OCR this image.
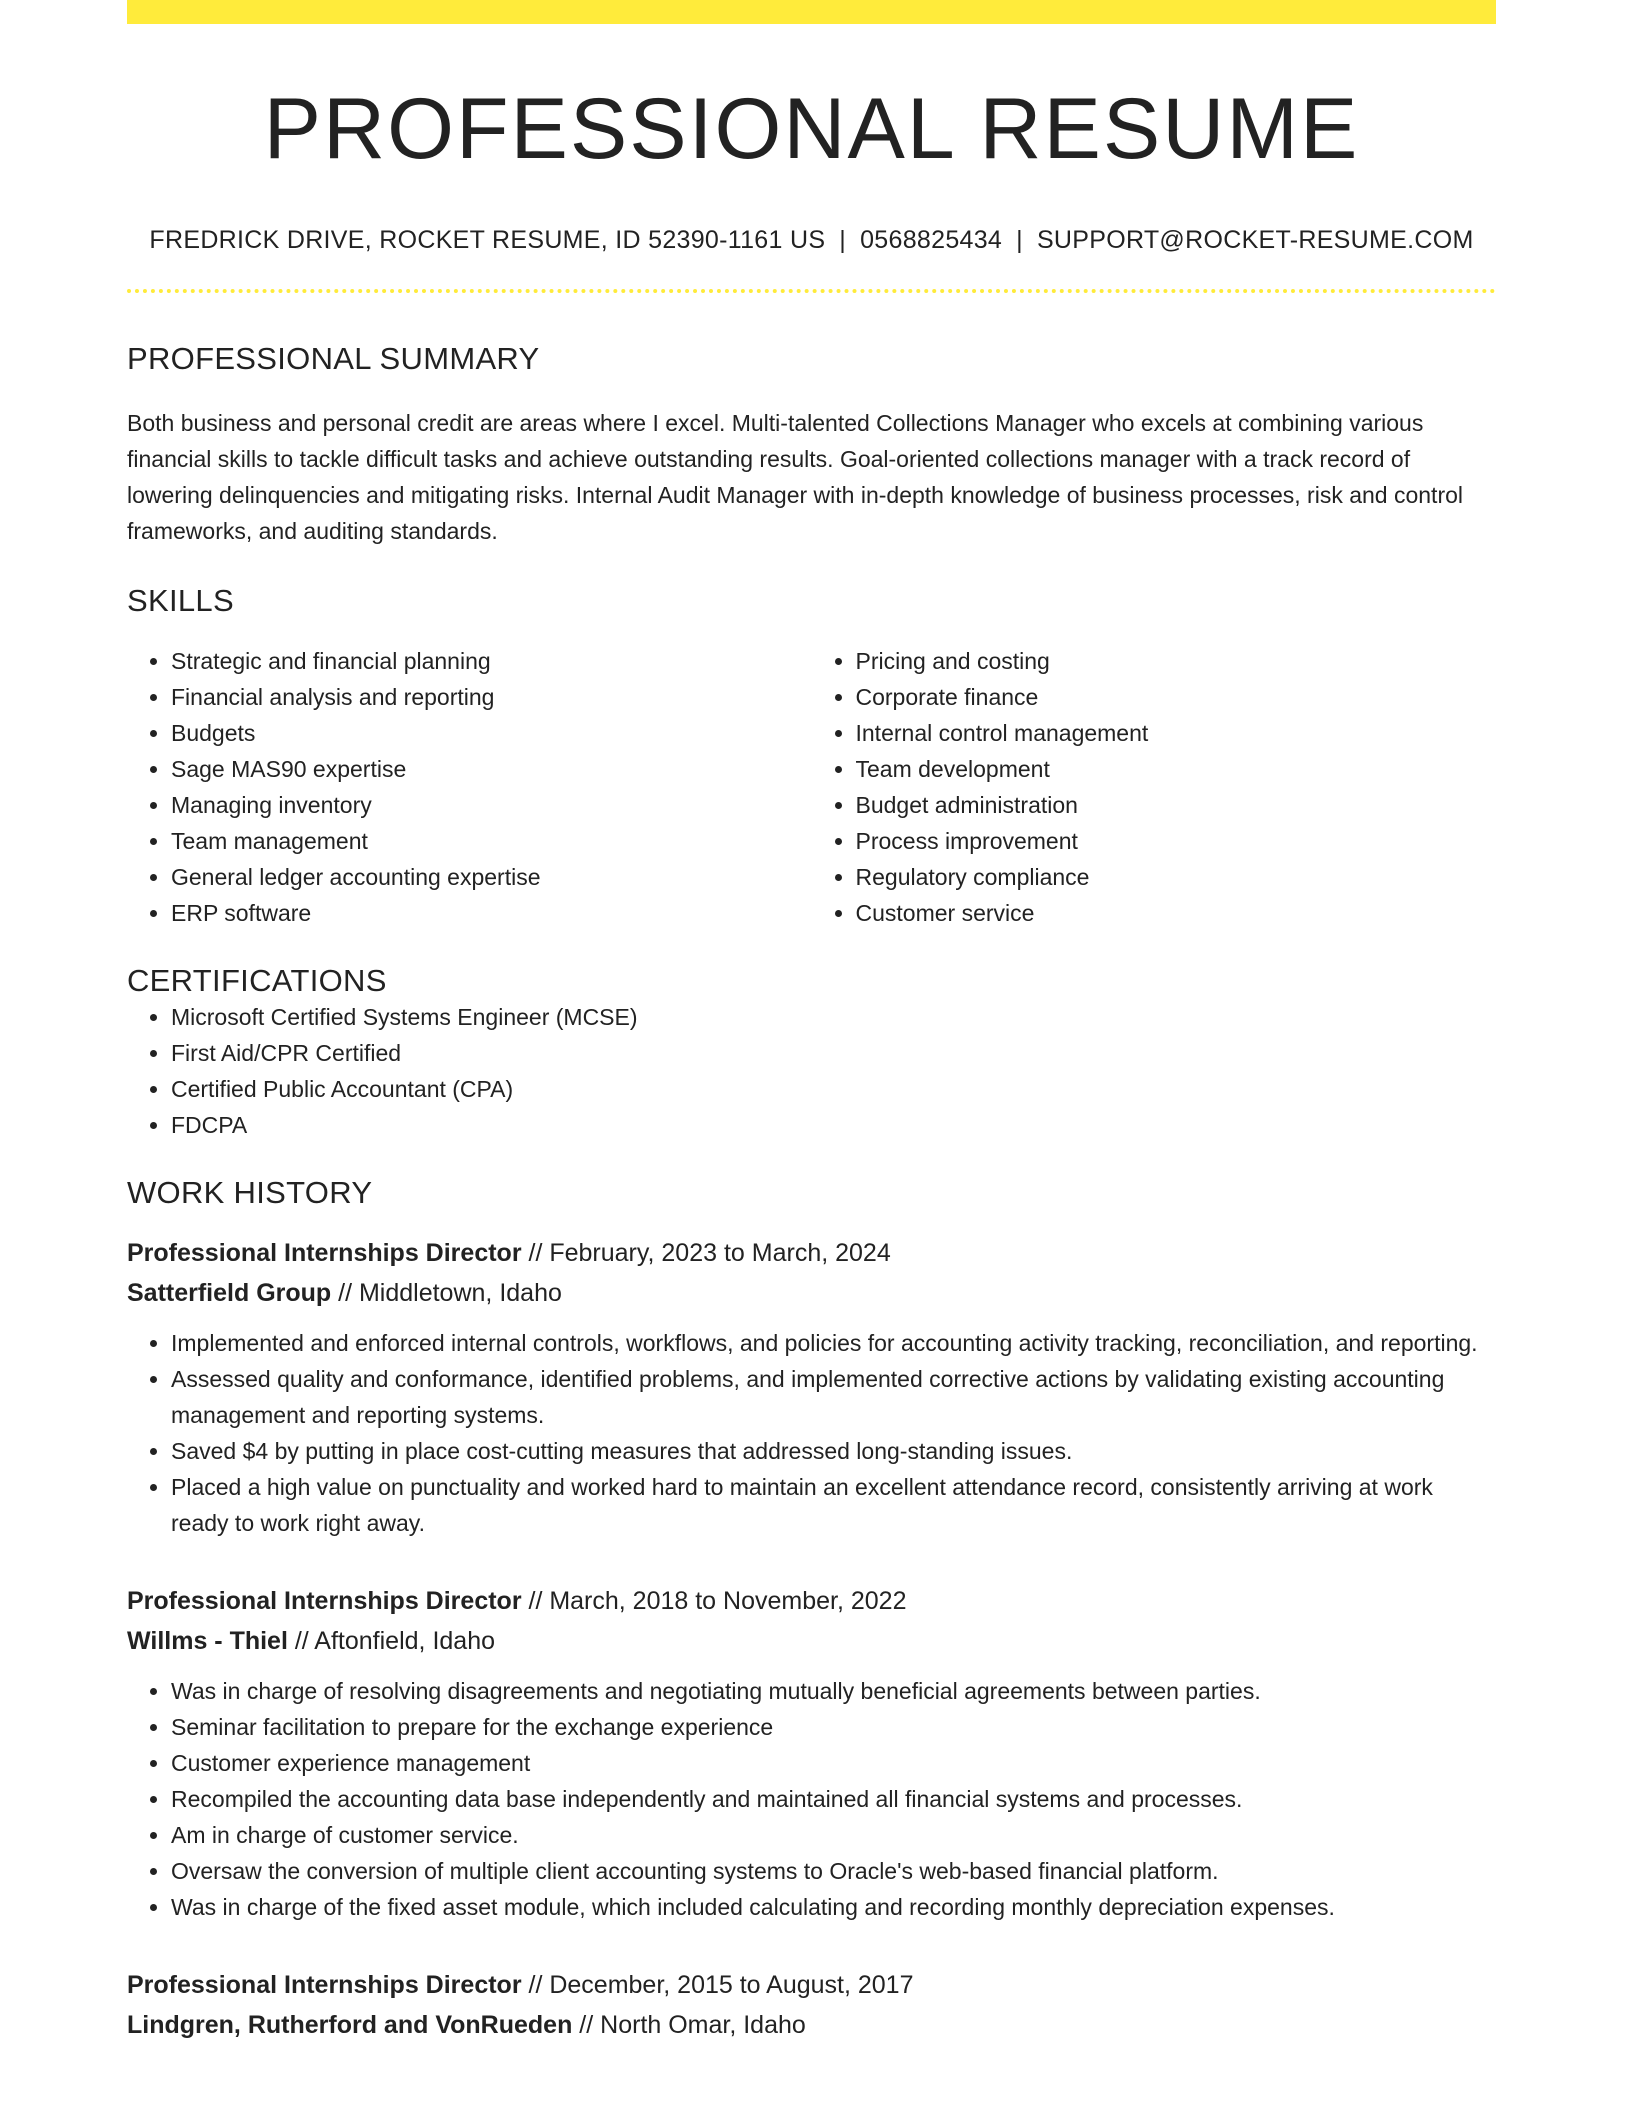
PROFESSIONAL RESUME
FREDRICK DRIVE, ROCKET RESUME, ID 52390-1161 US | 0568825434 | SUPPORT@ROCKET-RESUME.COM
PROFESSIONAL SUMMARY

Both business and personal credit are areas where I excel. Multi-talented Collections Manager who excels at combining various financial skills to tackle difficult tasks and achieve outstanding results. Goal-oriented collections manager with a track record of lowering delinquencies and mitigating risks. Internal Audit Manager with in-depth knowledge of business processes, risk and control frameworks, and auditing standards.

SKILLS
• Strategic and financial planning
• Financial analysis and reporting
• Budgets
• Sage MAS90 expertise
• Managing inventory
• Team management
• General ledger accounting expertise
• ERP software
• Pricing and costing
• Corporate finance
• Internal control management
• Team development
• Budget administration
• Process improvement
• Regulatory compliance
• Customer service
CERTIFICATIONS
• Microsoft Certified Systems Engineer (MCSE)
• First Aid/CPR Certified
• Certified Public Accountant (CPA)
• FDCPA
WORK HISTORY
Professional Internships Director // February, 2023 to March, 2024
Satterfield Group // Middletown, Idaho
• Implemented and enforced internal controls, workflows, and policies for accounting activity tracking, reconciliation, and reporting.
• Assessed quality and conformance, identified problems, and implemented corrective actions by validating existing accounting management and reporting systems.
• Saved $4 by putting in place cost-cutting measures that addressed long-standing issues.
• Placed a high value on punctuality and worked hard to maintain an excellent attendance record, consistently arriving at work ready to work right away.
Professional Internships Director // March, 2018 to November, 2022
Willms - Thiel // Aftonfield, Idaho
• Was in charge of resolving disagreements and negotiating mutually beneficial agreements between parties.
• Seminar facilitation to prepare for the exchange experience
• Customer experience management
• Recompiled the accounting data base independently and maintained all financial systems and processes.
• Am in charge of customer service.
• Oversaw the conversion of multiple client accounting systems to Oracle's web-based financial platform.
• Was in charge of the fixed asset module, which included calculating and recording monthly depreciation expenses.
Professional Internships Director // December, 2015 to August, 2017
Lindgren, Rutherford and VonRueden // North Omar, Idaho
